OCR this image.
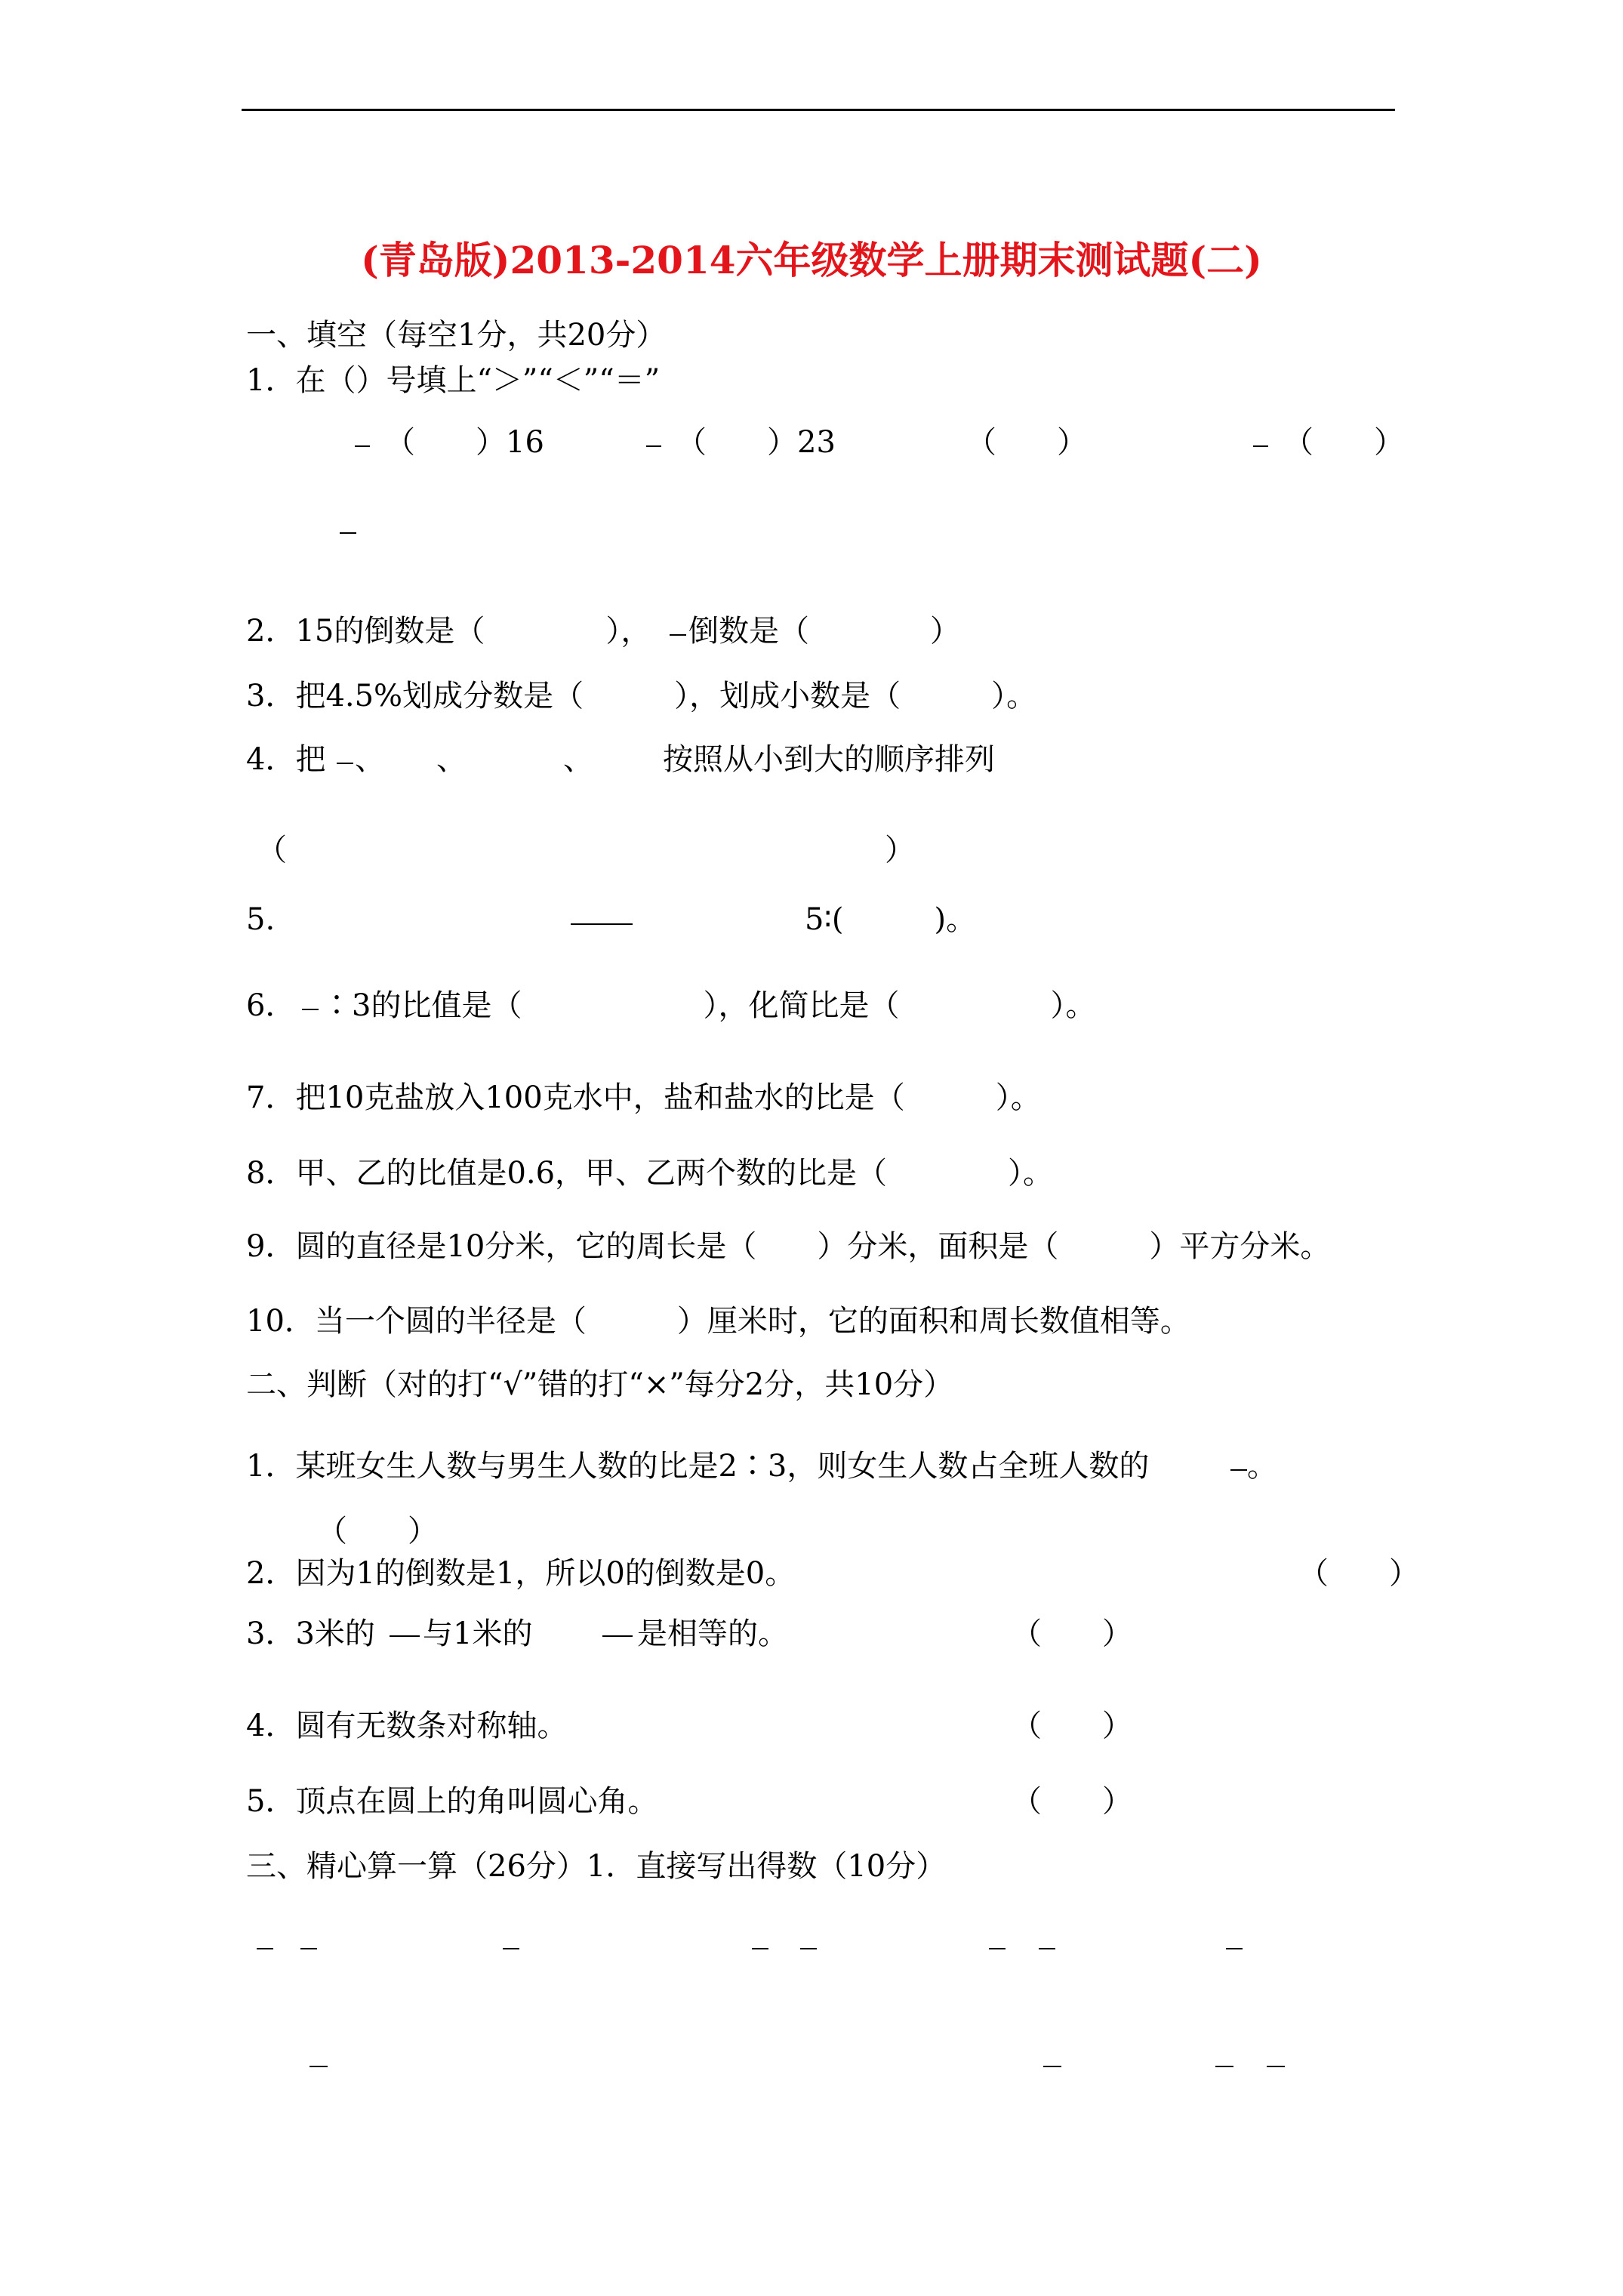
(青岛版)2013-2014六年级数学上册期末测试题(二)
一、填空（每空1分，共20分）
1．在（）号填上“＞”“＜”“＝”
（　　）16	（　　）23	（　　）	（　　）
2．15的倒数是（　　　　）， 倒数是（　　　　）
3．把4.5%划成分数是（　　　），划成小数是（　　　）。
4．把 、 、	、 按照从小到大的顺序排列
（	）
5.	5∶(　　　)。
6． ∶3的比值是（　　　　　　），化简比是（　　　　　）。
7．把10克盐放入100克水中，盐和盐水的比是（　　　）。
8．甲、乙的比值是0.6，甲、乙两个数的比是（　　　　）。
9．圆的直径是10分米，它的周长是（　　）分米，面积是（　　　）平方分米。
10．当一个圆的半径是（　　　）厘米时，它的面积和周长数值相等。
二、判断（对的打“√”错的打“×”每分2分，共10分）
1．某班女生人数与男生人数的比是2∶3，则女生人数占全班人数的	。
（　　）
2．因为1的倒数是1，所以0的倒数是0。	（　　）
3．3米的 与1米的	是相等的。	（　　）
4．圆有无数条对称轴。	（　　）
5．顶点在圆上的角叫圆心角。	（　　）
三、精心算一算（26分）1．直接写出得数（10分）
